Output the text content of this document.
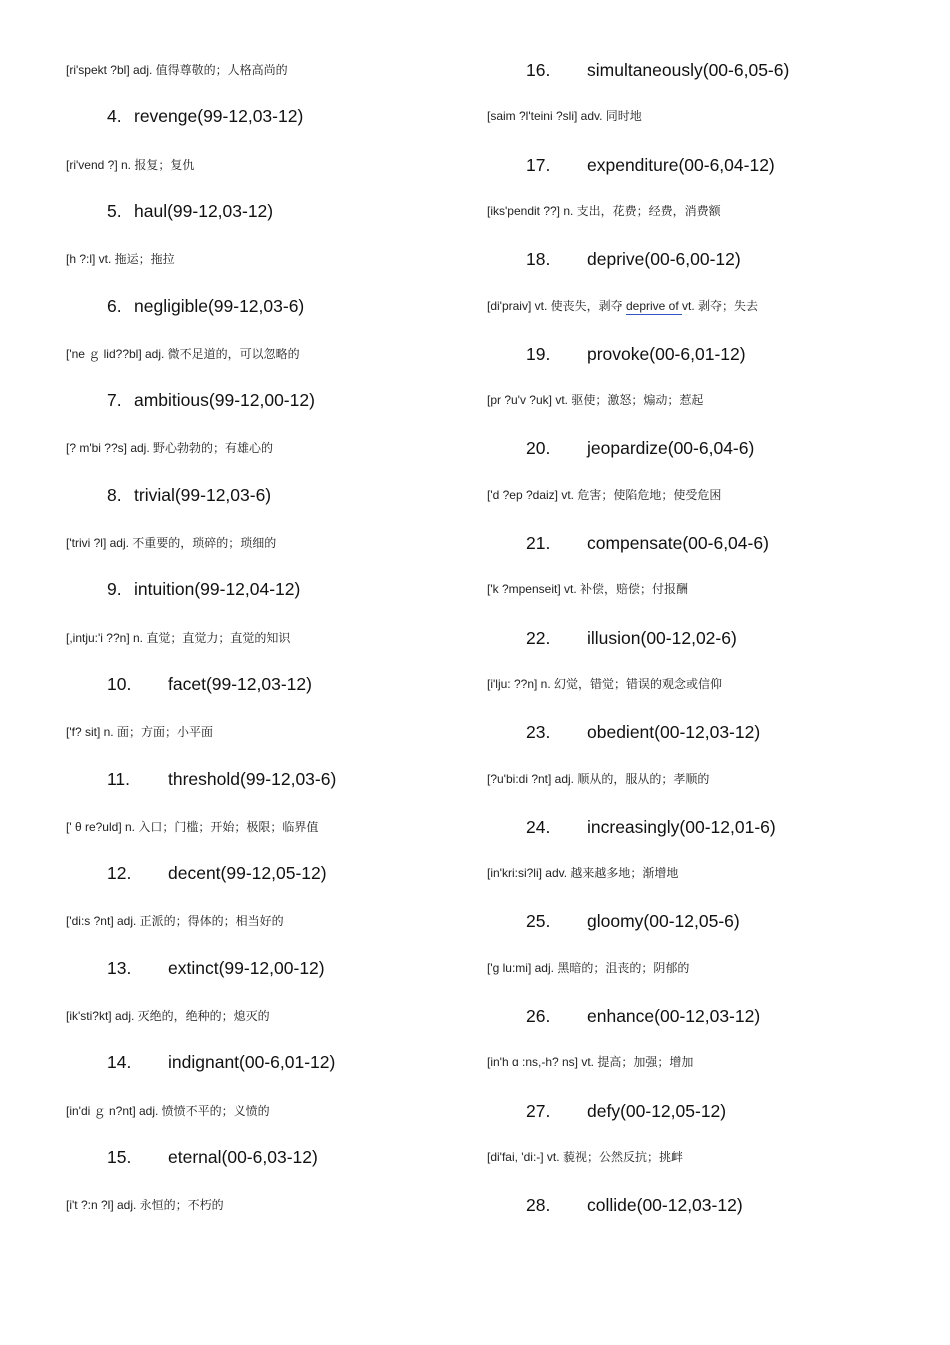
[ri'spekt ?bl] adj. 值得尊敬的；人格高尚的
4. revenge(99-12,03-12)
[ri'vend ?] n. 报复；复仇
5. haul(99-12,03-12)
[h ?:l] vt. 拖运；拖拉
6. negligible(99-12,03-6)
['ne ｇ lid??bl] adj. 微不足道的，可以忽略的
7. ambitious(99-12,00-12)
[? m'bi ??s] adj. 野心勃勃的；有雄心的
8. trivial(99-12,03-6)
['trivi ?l] adj. 不重要的，琐碎的；琐细的
9. intuition(99-12,04-12)
[,intju:'i ??n] n. 直觉；直觉力；直觉的知识
10. facet(99-12,03-12)
['f? sit] n. 面；方面；小平面
11. threshold(99-12,03-6)
[' θ re?uld] n. 入口；门槛；开始；极限；临界值
12. decent(99-12,05-12)
['di:s ?nt] adj. 正派的；得体的；相当好的
13. extinct(99-12,00-12)
[ik'sti?kt] adj. 灭绝的，绝种的；熄灭的
14. indignant(00-6,01-12)
[in'di ｇ n?nt] adj. 愤愤不平的；义愤的
15. eternal(00-6,03-12)
[i't ?:n ?l] adj. 永恒的；不朽的
16. simultaneously(00-6,05-6)
[saim ?l'teini ?sli] adv. 同时地
17. expenditure(00-6,04-12)
[iks'pendit ??] n. 支出，花费；经费，消费额
18. deprive(00-6,00-12)
[di'praiv] vt. 使丧失，剥夺 deprive of vt. 剥夺；失去
19. provoke(00-6,01-12)
[pr ?u'v ?uk] vt. 驱使；激怒；煽动；惹起
20. jeopardize(00-6,04-6)
['d ?ep ?daiz] vt. 危害；使陷危地；使受危困
21. compensate(00-6,04-6)
['k ?mpenseit] vt. 补偿，赔偿；付报酬
22. illusion(00-12,02-6)
[i'lju: ??n] n. 幻觉，错觉；错误的观念或信仰
23. obedient(00-12,03-12)
[?u'bi:di ?nt] adj. 顺从的，服从的；孝顺的
24. increasingly(00-12,01-6)
[in'kri:si?li] adv. 越来越多地；渐增地
25. gloomy(00-12,05-6)
['ɡ lu:mi] adj. 黑暗的；沮丧的；阴郁的
26. enhance(00-12,03-12)
[in'h ɑ :ns,-h? ns] vt. 提高；加强；增加
27. defy(00-12,05-12)
[di'fai, 'di:-] vt. 藐视；公然反抗；挑衅
28. collide(00-12,03-12)
